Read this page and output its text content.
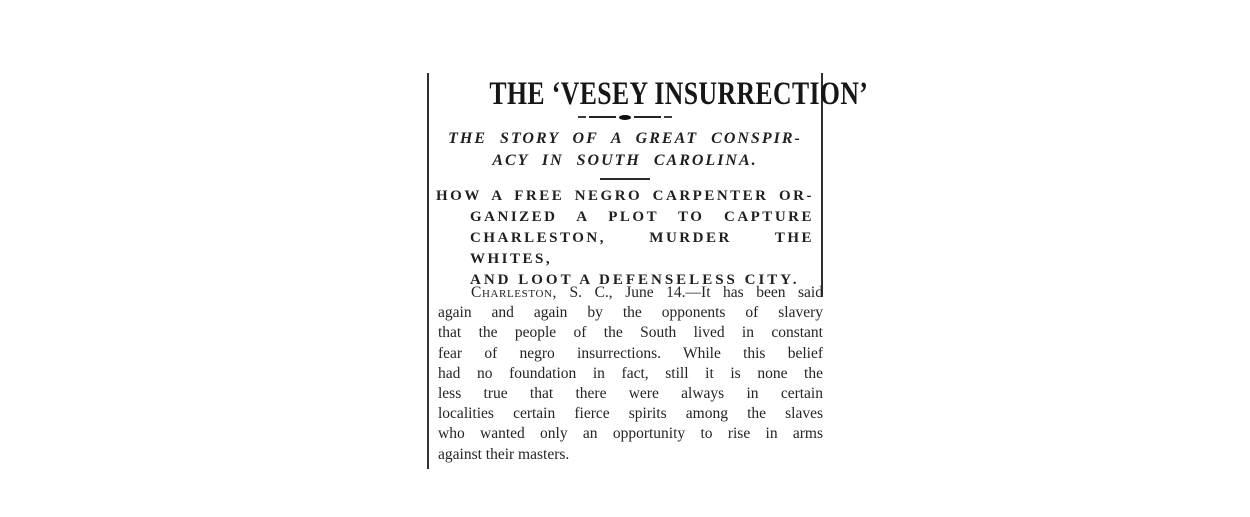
THE ‘VESEY INSURRECTION’
THE STORY OF A GREAT CONSPIR-
ACY IN SOUTH CAROLINA.
HOW A FREE NEGRO CARPENTER OR-
GANIZED A PLOT TO CAPTURE
CHARLESTON, MURDER THE WHITES,
AND LOOT A DEFENSELESS CITY.
Charleston, S. C., June 14.—It has been said
again and again by the opponents of slavery
that the people of the South lived in constant
fear of negro insurrections. While this belief
had no foundation in fact, still it is none the
less true that there were always in certain
localities certain fierce spirits among the slaves
who wanted only an opportunity to rise in arms
against their masters.
